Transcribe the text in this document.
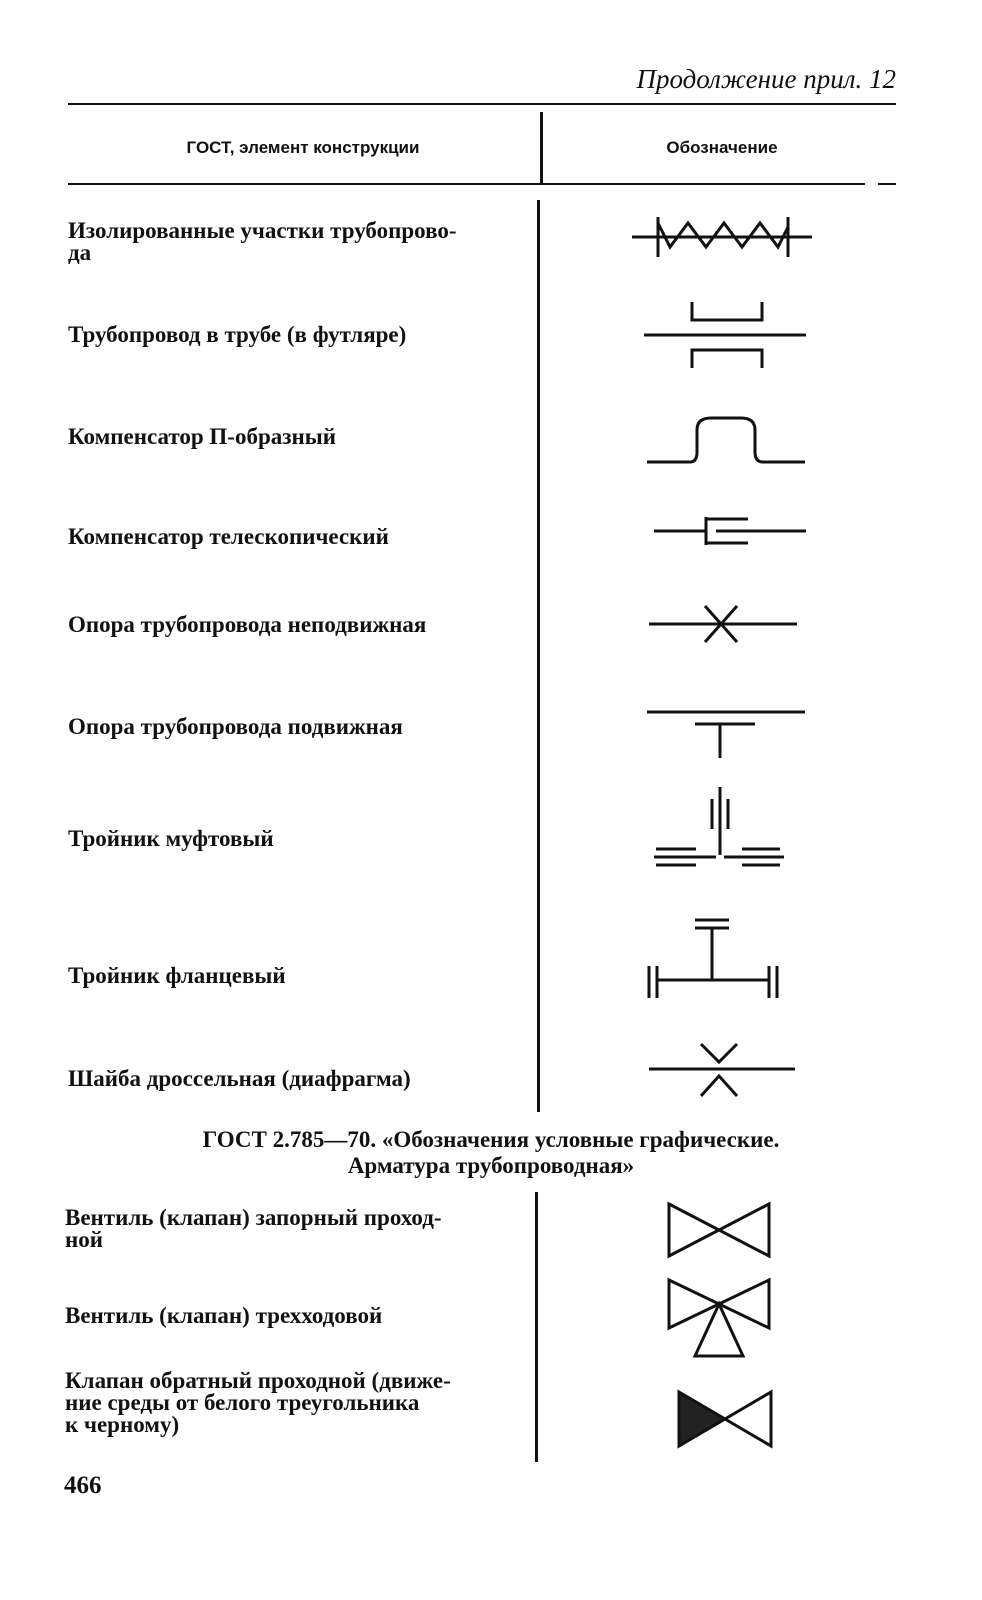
Продолжение прил. 12
ГОСТ, элемент конструкции	Обозначение
Изолированные участки трубопрово-
да
Трубопровод в трубе (в футляре)
Компенсатор П-образный
Компенсатор телескопический
Опора трубопровода неподвижная
Опора трубопровода подвижная
Тройник муфтовый
Тройник фланцевый
Шайба дроссельная (диафрагма)
ГОСТ 2.785—70. «Обозначения условные графические.
Арматура трубопроводная»
Вентиль (клапан) запорный проход-
ной
Вентиль (клапан) трехходовой
Клапан обратный проходной (движе-
ние среды от белого треугольника
к черному)
466
